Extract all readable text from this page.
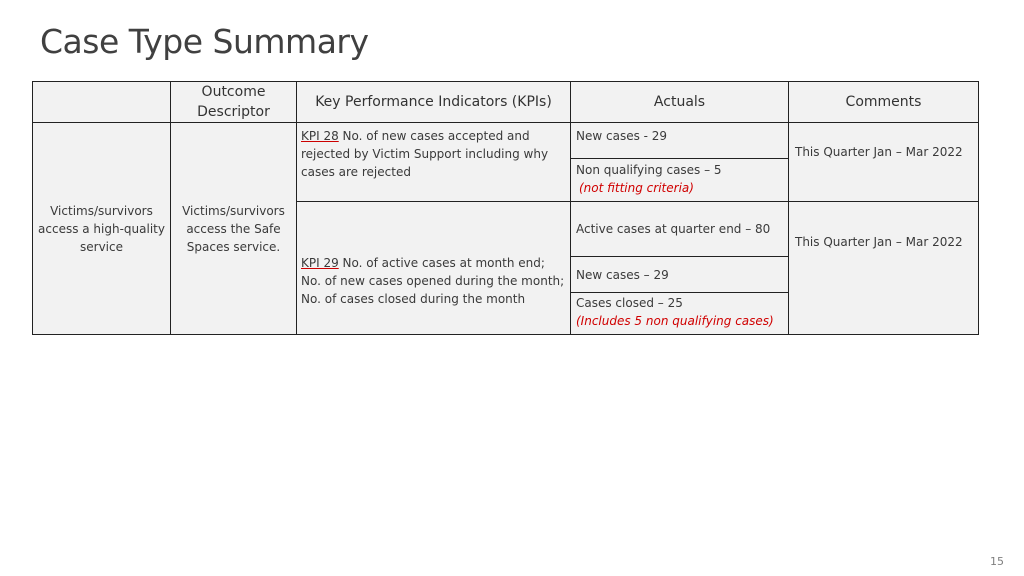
Case Type Summary
	Outcome Descriptor	Key Performance Indicators (KPIs)	Actuals	Comments
Victims/survivors access a high-quality service	Victims/survivors access the Safe Spaces service.	KPI 28 No. of new cases accepted and rejected by Victim Support including why cases are rejected	New cases - 29	This Quarter Jan – Mar 2022

			Non qualifying cases – 5
(not fitting criteria)	

		KPI 29 No. of active cases at month end; No. of new cases opened during the month; No. of cases closed during the month	Active cases at quarter end – 80	This Quarter Jan – Mar 2022
			New cases – 29	

			Cases closed – 25
(Includes 5 non qualifying cases)	
15
